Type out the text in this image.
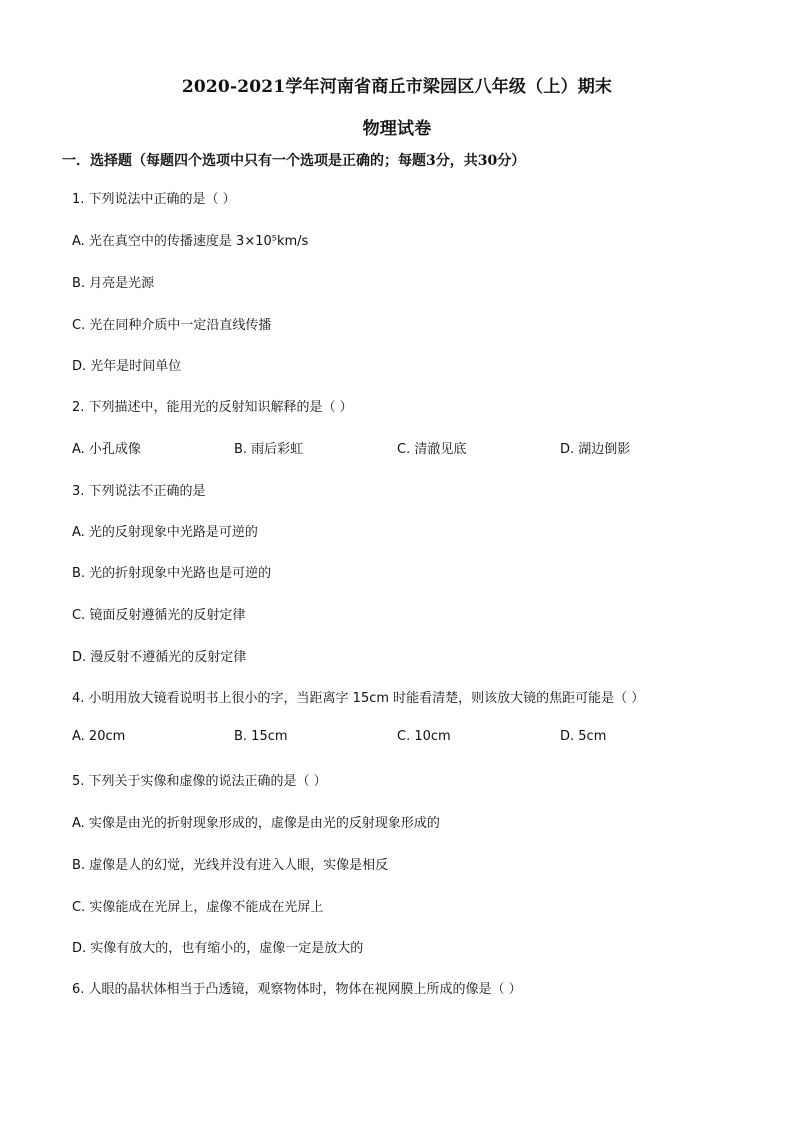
2020-2021学年河南省商丘市梁园区八年级（上）期末
物理试卷
一．选择题（每题四个选项中只有一个选项是正确的；每题3分，共30分）
1. 下列说法中正确的是（ ）
A. 光在真空中的传播速度是 3×10⁵km/s
B. 月亮是光源
C. 光在同种介质中一定沿直线传播
D. 光年是时间单位
2. 下列描述中，能用光的反射知识解释的是（ ）
A. 小孔成像	B. 雨后彩虹	C. 清澈见底	D. 湖边倒影
3. 下列说法不正确的是
A. 光的反射现象中光路是可逆的
B. 光的折射现象中光路也是可逆的
C. 镜面反射遵循光的反射定律
D. 漫反射不遵循光的反射定律
4. 小明用放大镜看说明书上很小的字，当距离字 15cm 时能看清楚，则该放大镜的焦距可能是（ ）
A. 20cm	B. 15cm	C. 10cm	D. 5cm
5. 下列关于实像和虚像的说法正确的是（ ）
A. 实像是由光的折射现象形成的，虚像是由光的反射现象形成的
B. 虚像是人的幻觉，光线并没有进入人眼，实像是相反
C. 实像能成在光屏上，虚像不能成在光屏上
D. 实像有放大的，也有缩小的，虚像一定是放大的
6. 人眼的晶状体相当于凸透镜，观察物体时，物体在视网膜上所成的像是（ ）
